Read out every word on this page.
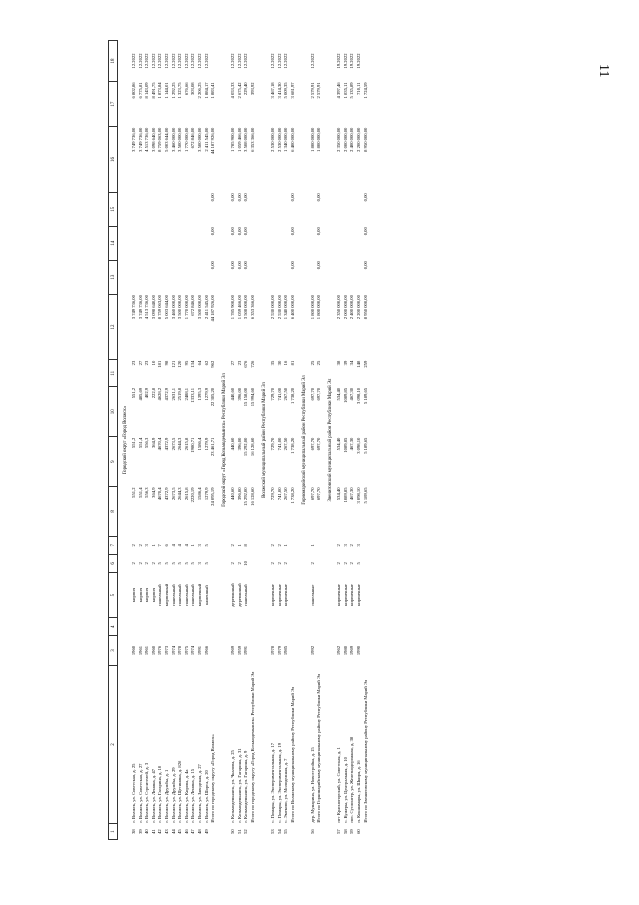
11
1	2	3	4	5	6	7	8	9	10	11	12	13	14	15	16	17	18

Городской округ «Город Волжск»																	
38	г. Волжск, ул. Советская, д. 25	1960		кирпич	2	2	551,2	551,2	551,2	23	3 749 736,00				3 749 736,00	6 802,86	12.2022
39	г. Волжск, ул. Советская, д. 27	1961		кирпич	2	2	551,4	551,4	485,69	27	3 749 736,00				3 749 736,00	6 775,81	12.2022
40	г. Волжск, ул. Строителей, д. 3	1961		кирпич	2	3	556,3	556,3	402,9	23	4 513 736,00				4 513 736,00	8 143,09	12.2022
41	г. Волжск, ул. Ленина, д. 47	1960		кирпич	2	1	364,9	364,9	222,8	10	3 098 640,00				3 098 640,00	8 491,75	12.2022
42	г. Волжск, ул. Гагарина, д. 10	1976		панельный	5	7	4670,4	4670,4	4628,2	181	8 759 063,00				8 759 063,00	1 873,84	12.2022
43	г. Волжск, ул. Дружбы, д. 1	1973		кирпичный	5	6	4372,9	4372,9	4372,9	98	5 003 644,00				5 003 644,00	1 144,01	12.2022
44	г. Волжск, ул. Дружбы, д. 29	1974		панельный	5	4	2673,5	2673,5	2631,1	121	3 460 000,00				3 460 000,00	1 292,25	12.2022
45	г. Волжск, ул. Щетинина, д. 82б	1978		панельный	5	4	2644,3	2644,3	2519,8	120	3 500 000,00				3 500 000,00	1 323,75	12.2022
46	г. Волжск, ул. Кирова, д. 4а	1975		панельный	5	4	2615,8	2615,8	2488,1	95	1 770 000,00				1 770 000,00	676,66	12.2022
47	г. Волжск, ул. Ленина, д. 15	1974		панельный	5	1	2220,19	1980,71	1333,11	134	672 846,00				672 846,00	303,08	12.2022
48	г. Волжск, ул. Заводская, д. 27	1991		кирпичный	3	3	1586,4	1586,4	1395,3	64	3 500 000,00				3 500 000,00	2 206,25	12.2022
49	г. Волжск, ул. Шорса, д. 20	1966		каменный	5	5	1279,9	1279,9	1279,9	62	2 411 545,00				2 411 545,00	1 884,17	12.2022
	Итого по городскому округу «Город Волжск»						24 095,19	23 461,71	22 305,20	962	44 187 926,00	0,00	0,00	0,00	44 187 926,00	1 883,41	

Городской округ «Город Козьмодемьянск» Республики Марий Эл																	
50	г. Козьмодемьянск, ул. Чкалова, д. 25	1969		деревянный	2	2	440,60	440,60	440,60	27	1 785 900,00	0,00	0,00	0,00	1 785 900,00	4 053,33	12.2022
51	г. Козьмодемьянск, ул. Гагарина, д. 31	1959		деревянный	2	1	396,00	396,00	396,00	23	1 059 466,00	0,00	0,00	0,00	1 059 466,00	2 675,42	12.2022
52	г. Козьмодемьянск, ул. Гагарина, д. 9	1991		панельный	10	8	15 292,00	15 292,00	15 158,00	676	3 508 000,00	0,00	0,00	0,00	3 508 000,00	229,40	12.2022
	Итого по городскому округу «Город Козьмодемьянск» Республики Марий Эл						16 128,60	16 128,60	15 994,60	726	6 353 366,00				6 353 366,00	393,92	

Волжский муниципальный район Республики Марий Эл																	
53	с. Помары, ул. Экспериментальная, д. 17	1978		кирпичные	2	2	729,70	729,70	729,70	35	2 530 000,00				2 530 000,00	3 467,18	12.2022
54	с. Помары, ул. Экспериментальная, д. 19	1979		кирпичные	2	2	741,00	741,00	741,00	30	2 530 000,00				2 530 000,00	3 414,30	12.2022
55	с. Эмеково, ул. Молодежная, д. 7	1985		кирпичные	2	1	267,50	267,50	267,50	16	1 340 000,00				1 340 000,00	5 009,35	12.2022
	Итого по Волжскому муниципальному району Республики Марий Эл						1 738,20	1 738,20	1 738,20	81	6 400 000,00	0,00	0,00	0,00	6 400 000,00	3 681,97	

Горномарийский муниципальный район Республики Марий Эл																	
56	дер. Мумарина, ул. Новостройка, д. 15	1992		панельные	2	1	697,70	697,70	697,70	25	1 800 000,00				1 800 000,00	2 579,91	12.2022
	Итого по Горномарийскому муниципальному району Республики Марий Эл						697,70	697,70	697,70	25	1 800 000,00	0,00	0,00	0,00	1 800 000,00	2 579,91	

Звениговский муниципальный район Республики Марий Эл																	
57	пгт Красногорский, ул. Советская, д. 1	1962		кирпичные	2	2	534,40	534,40	534,40	38	2 350 000,00				2 350 000,00	4 397,46	19.2022
58	с. Кужеры, ул. Центральная, д. 10	1980		кирпичные	2	3	1089,85	1089,85	1089,85	39	2 000 000,00				2 000 000,00	1 835,11	19.2022
59	пос. Суслонгер, ул. Железнодорожная, д. 38	1969		кирпичные	2	2	467,30	467,30	467,30	34	2 400 000,00				2 400 000,00	5 135,89	19.2022
60	п. Кокшамары, ул. Шкиря, д. 16	1990		кирпичные	5	3	3 098,10	3 098,10	3 098,10	148	2 200 000,00				2 200 000,00	710,11	19.2022
	Итого по Звениговскому муниципальному району Республики Марий Эл						5 189,65	5 189,65	5 189,65	259	8 950 000,00	0,00	0,00	0,00	8 950 000,00	1 724,59	
